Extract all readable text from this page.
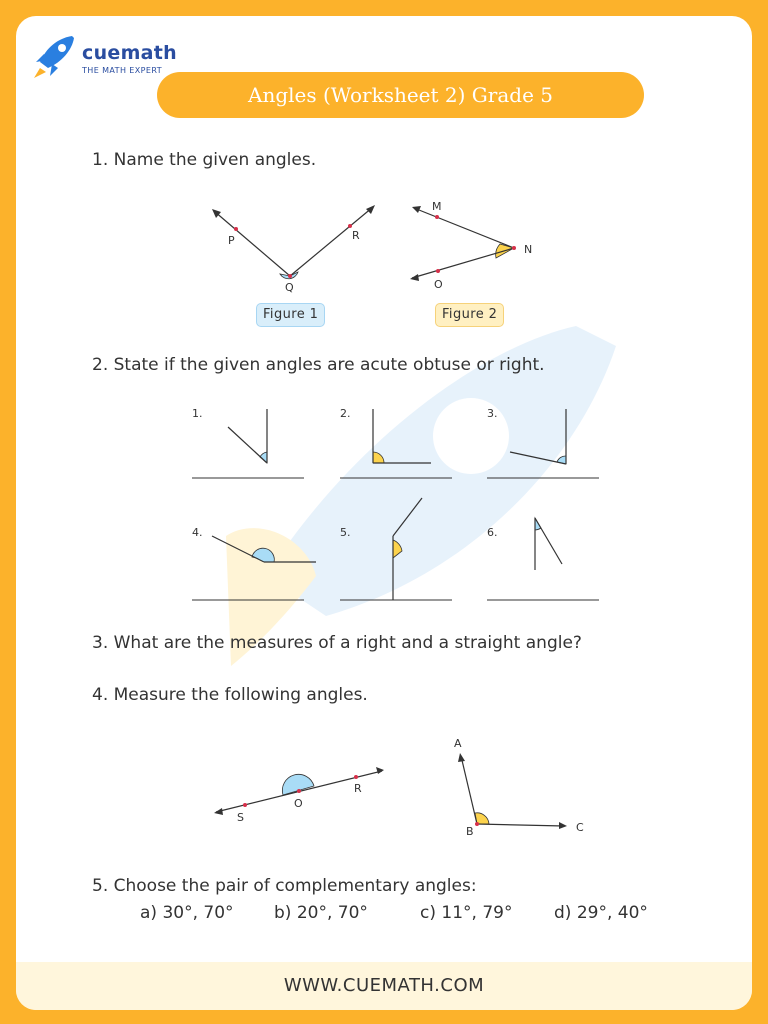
cuemath
THE MATH EXPERT
Angles (Worksheet 2) Grade 5
1. Name the given angles.
P
Q
R
M
N
O
Figure 1	Figure 2
2. State if the given angles are acute obtuse or right.
1.	2.	3.
4.	5.	6.
3. What are the measures of a right and a straight angle?
4. Measure the following angles.
S
O
R
A
B	C
5. Choose the pair of complementary angles:
a) 30°, 70° b) 20°, 70°	c) 11°, 79° d) 29°, 40°
WWW.CUEMATH.COM
